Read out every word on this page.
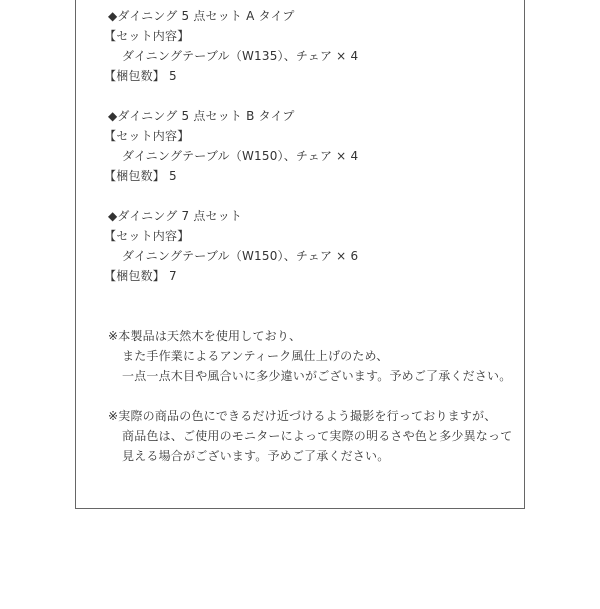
◆ダイニング 5 点セット A タイプ
【セット内容】
ダイニングテーブル（W135）、チェア × 4
【梱包数】 5
◆ダイニング 5 点セット B タイプ
【セット内容】
ダイニングテーブル（W150）、チェア × 4
【梱包数】 5
◆ダイニング 7 点セット
【セット内容】
ダイニングテーブル（W150）、チェア × 6
【梱包数】 7
※本製品は天然木を使用しており、
また手作業によるアンティーク風仕上げのため、
一点一点木目や風合いに多少違いがございます。予めご了承ください。
※実際の商品の色にできるだけ近づけるよう撮影を行っておりますが、
商品色は、ご使用のモニターによって実際の明るさや色と多少異なって
見える場合がございます。予めご了承ください。
